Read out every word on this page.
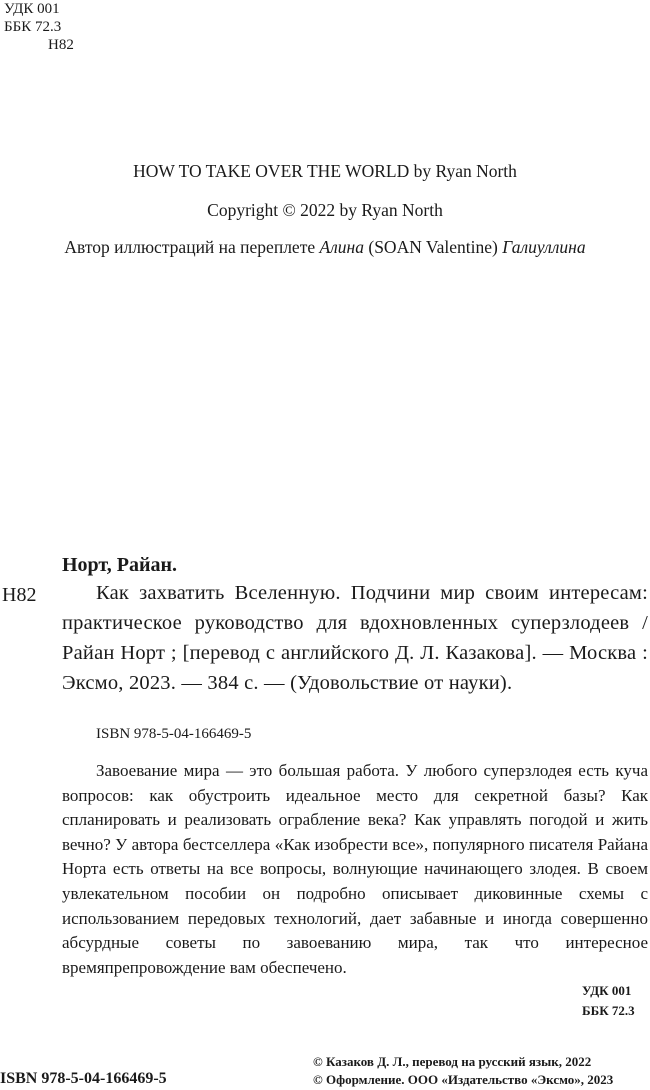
УДК 001
ББК 72.3
Н82
HOW TO TAKE OVER THE WORLD by Ryan North
Copyright © 2022 by Ryan North
Автор иллюстраций на переплете Алина (SOAN Valentine) Галиуллина
Норт, Райан.
Н82	Как захватить Вселенную. Подчини мир своим интересам: практическое руководство для вдохновленных суперзлодеев / Райан Норт ; [перевод с английского Д. Л. Казакова]. — Москва : Эксмо, 2023. — 384 с. — (Удовольствие от науки).
ISBN 978-5-04-166469-5
Завоевание мира — это большая работа. У любого суперзлодея есть куча вопросов: как обустроить идеальное место для секретной базы? Как спланировать и реализовать ограбление века? Как управлять погодой и жить вечно? У автора бестселлера «Как изобрести все», популярного писателя Райана Норта есть ответы на все вопросы, волнующие начинающего злодея. В своем увлекательном пособии он подробно описывает диковинные схемы с использованием передовых технологий, дает забавные и иногда совершенно абсурдные советы по завоеванию мира, так что интересное времяпрепровождение вам обеспечено.
УДК 001
ББК 72.3
ISBN 978-5-04-166469-5
© Казаков Д. Л., перевод на русский язык, 2022
© Оформление. ООО «Издательство «Эксмо», 2023
